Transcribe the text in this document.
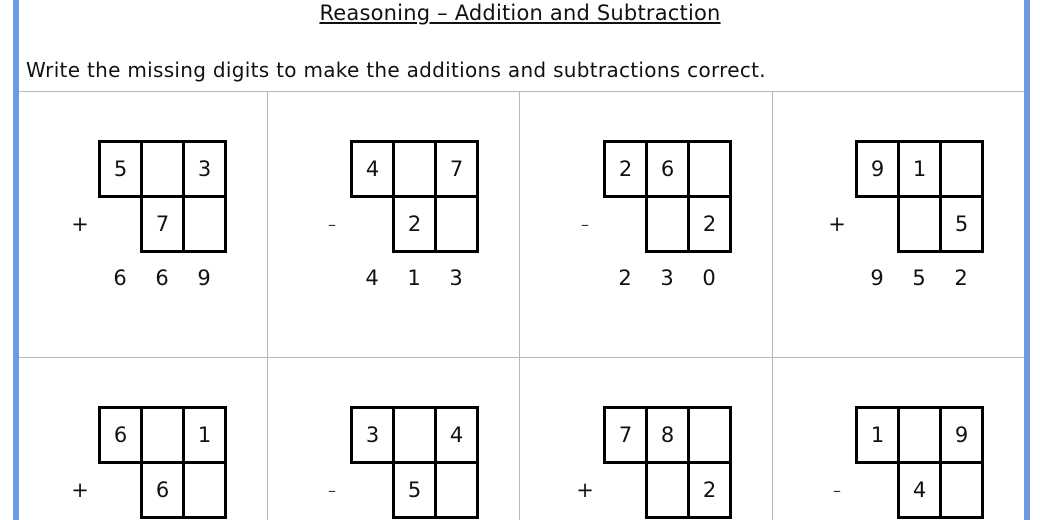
Reasoning – Addition and Subtraction
Write the missing digits to make the additions and subtractions correct.
5	3
+	7
6	6	9
4	7
–	2
4	1	3
2	6
–	2
2	3	0
9	1
+	5
9	5	2
6	1
+	6
3	4
–	5
7	8
+	2
1	9
–	4
